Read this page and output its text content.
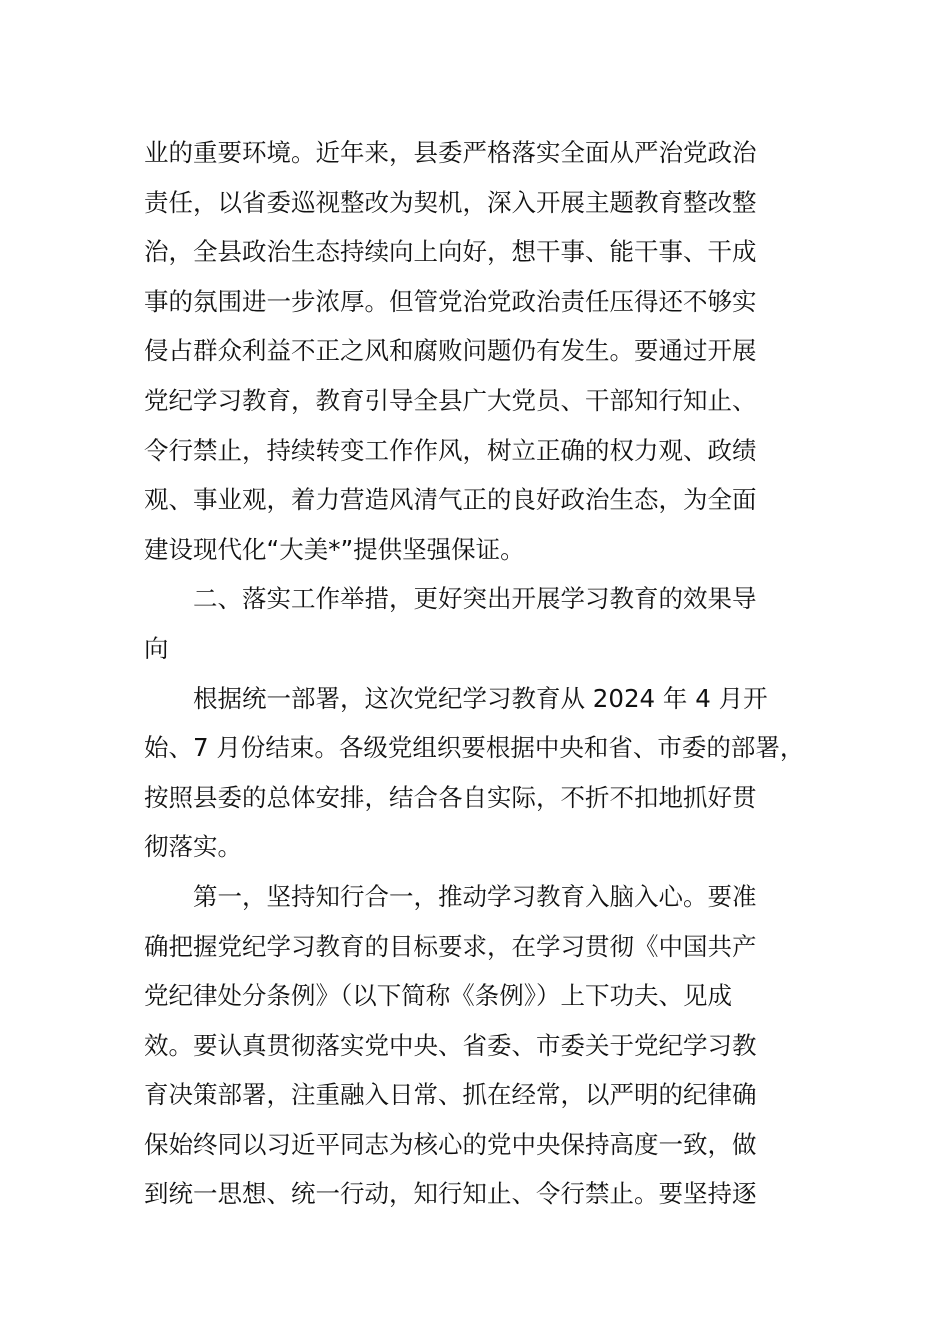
业的重要环境。近年来，县委严格落实全面从严治党政治
责任，以省委巡视整改为契机，深入开展主题教育整改整
治，全县政治生态持续向上向好，想干事、能干事、干成
事的氛围进一步浓厚。但管党治党政治责任压得还不够实
侵占群众利益不正之风和腐败问题仍有发生。要通过开展
党纪学习教育，教育引导全县广大党员、干部知行知止、
令行禁止，持续转变工作作风，树立正确的权力观、政绩
观、事业观，着力营造风清气正的良好政治生态，为全面
建设现代化“大美*”提供坚强保证。
二、落实工作举措，更好突出开展学习教育的效果导
向
根据统一部署，这次党纪学习教育从 2024 年 4 月开
始、7 月份结束。各级党组织要根据中央和省、市委的部署，
按照县委的总体安排，结合各自实际，不折不扣地抓好贯
彻落实。
第一，坚持知行合一，推动学习教育入脑入心。要准
确把握党纪学习教育的目标要求，在学习贯彻《中国共产
党纪律处分条例》（以下简称《条例》）上下功夫、见成
效。要认真贯彻落实党中央、省委、市委关于党纪学习教
育决策部署，注重融入日常、抓在经常，以严明的纪律确
保始终同以习近平同志为核心的党中央保持高度一致，做
到统一思想、统一行动，知行知止、令行禁止。要坚持逐
